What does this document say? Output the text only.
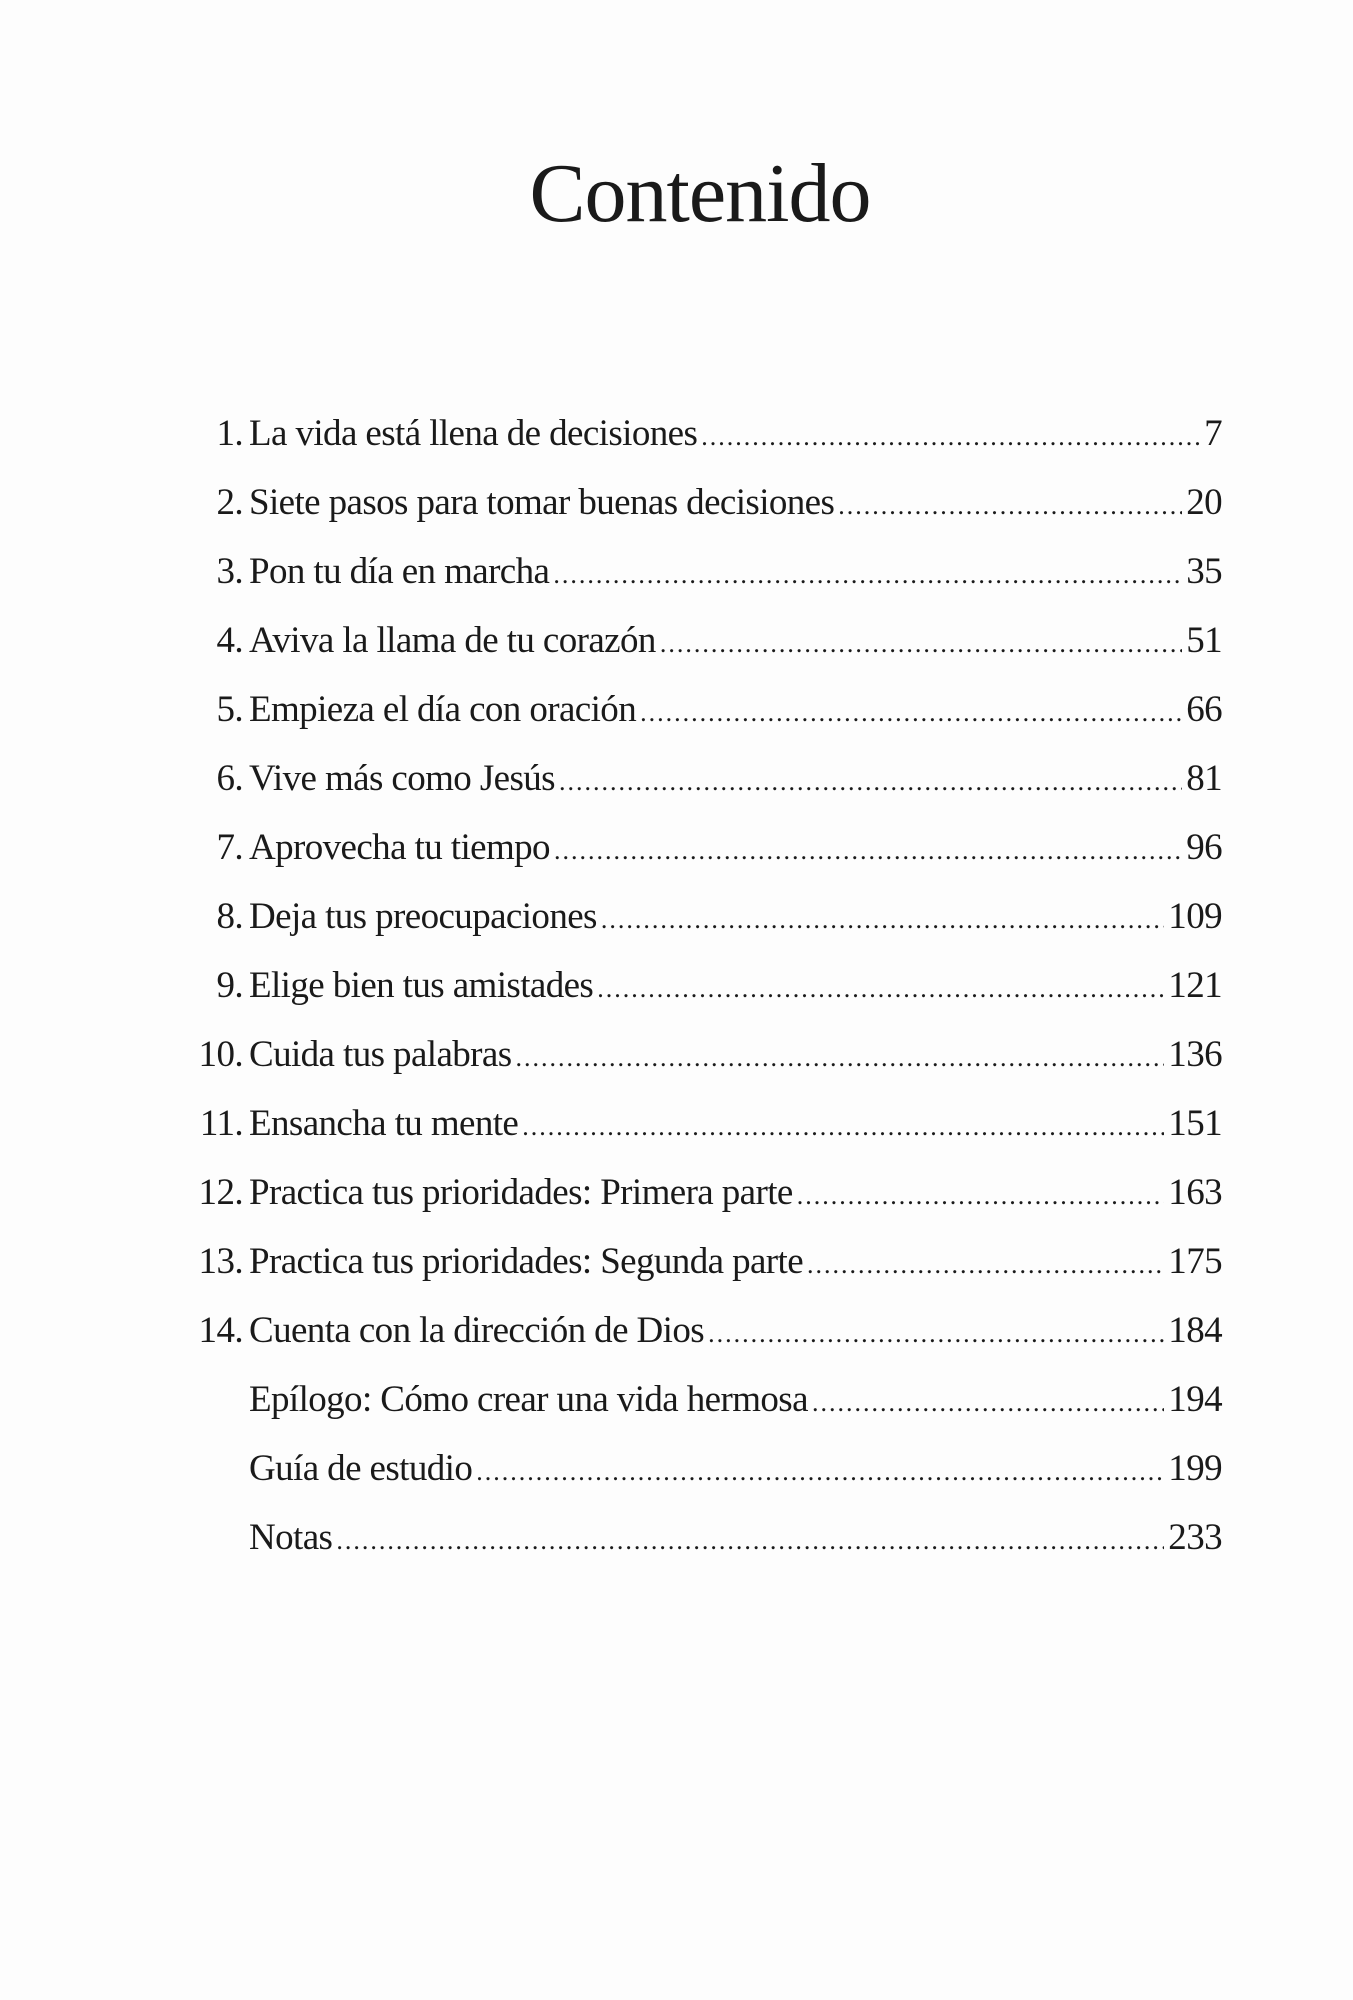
Contenido
1. La vida está llena de decisiones .....	7
2. Siete pasos para tomar buenas decisiones .....	20
3. Pon tu día en marcha .....	35
4. Aviva la llama de tu corazón .....	51
5. Empieza el día con oración .....	66
6. Vive más como Jesús .....	81
7. Aprovecha tu tiempo .....	96
8. Deja tus preocupaciones .....	109
9. Elige bien tus amistades .....	121
10. Cuida tus palabras .....	136
11. Ensancha tu mente .....	151
12. Practica tus prioridades: Primera parte .....	163
13. Practica tus prioridades: Segunda parte .....	175
14. Cuenta con la dirección de Dios .....	184
Epílogo: Cómo crear una vida hermosa .....	194
Guía de estudio .....	199
Notas .....	233
